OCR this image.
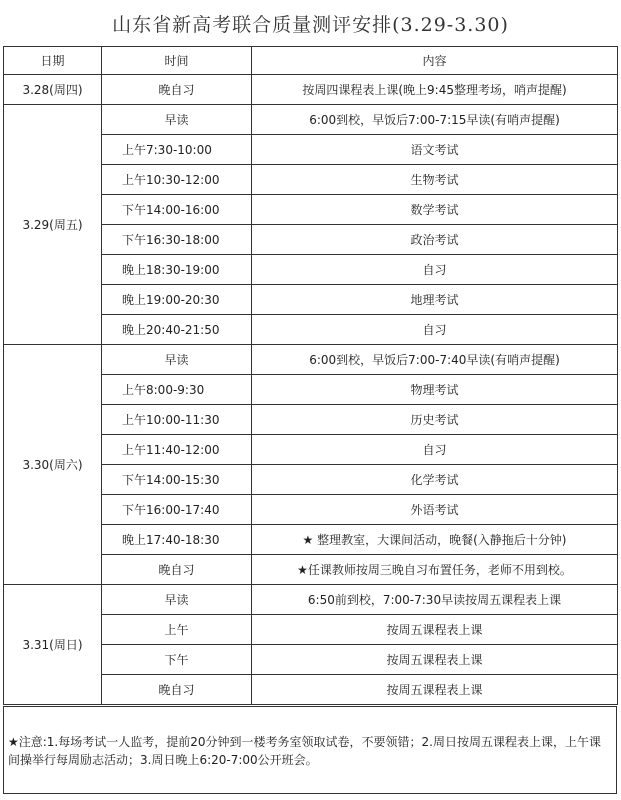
山东省新高考联合质量测评安排(3.29-3.30)
日期	时间	内容
3.28(周四)	晚自习	按周四课程表上课(晚上9:45整理考场，哨声提醒)
3.29(周五)	早读	6:00到校，早饭后7:00-7:15早读(有哨声提醒)
	上午7:30-10:00	语文考试
	上午10:30-12:00	生物考试
	下午14:00-16:00	数学考试
	下午16:30-18:00	政治考试
	晚上18:30-19:00	自习
	晚上19:00-20:30	地理考试
	晚上20:40-21:50	自习
3.30(周六)	早读	6:00到校，早饭后7:00-7:40早读(有哨声提醒)
	上午8:00-9:30	物理考试
	上午10:00-11:30	历史考试
	上午11:40-12:00	自习
	下午14:00-15:30	化学考试
	下午16:00-17:40	外语考试
	晚上17:40-18:30	★ 整理教室，大课间活动，晚餐(入静拖后十分钟)
	晚自习	★任课教师按周三晚自习布置任务，老师不用到校。
3.31(周日)	早读	6:50前到校，7:00-7:30早读按周五课程表上课
	上午	按周五课程表上课
	下午	按周五课程表上课
	晚自习	按周五课程表上课
★注意:1.每场考试一人监考，提前20分钟到一楼考务室领取试卷，不要领错；2.周日按周五课程表上课，上午课间操举行每周励志活动；3.周日晚上6:20-7:00公开班会。
